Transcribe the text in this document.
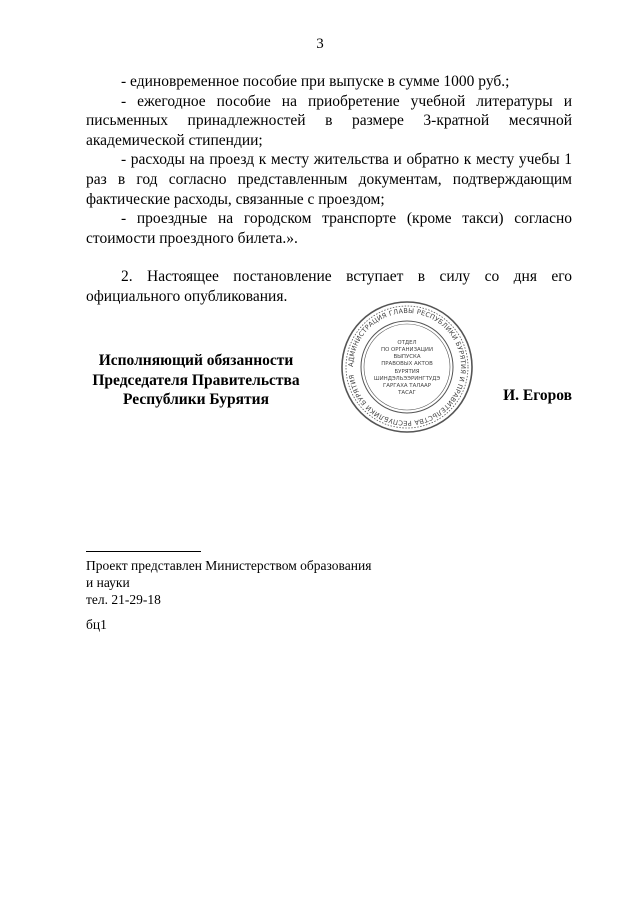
3

- единовременное пособие при выпуске в сумме 1000 руб.;

- ежегодное пособие на приобретение учебной литературы и письменных принадлежностей в размере 3-кратной месячной академической стипендии;

- расходы на проезд к месту жительства и обратно к месту учебы 1 раз в год согласно представленным документам, подтверждающим фактические расходы, связанные с проездом;

- проездные на городском транспорте (кроме такси) согласно стоимости проездного билета.».

2. Настоящее постановление вступает в силу со дня его официального опубликования.

Исполняющий обязанности
Председателя Правительства
Республики Бурятия
АДМИНИСТРАЦИЯ ГЛАВЫ РЕСПУБЛИКИ БУРЯТИЯ И ПРАВИТЕЛЬСТВА РЕСПУБЛИКИ БУРЯТИЯ
ОТДЕЛ
ПО ОРГАНИЗАЦИИ
ВЫПУСКА
ПРАВОВЫХ АКТОВ
БУРЯТИЯ
ШИНДЭЛЬЭЭРИНГТУДЭ
ГАРГАХА ТАЛААР
ТАСАГ	И. Егоров
Проект представлен Министерством образования
и науки
тел. 21-29-18
бц1
